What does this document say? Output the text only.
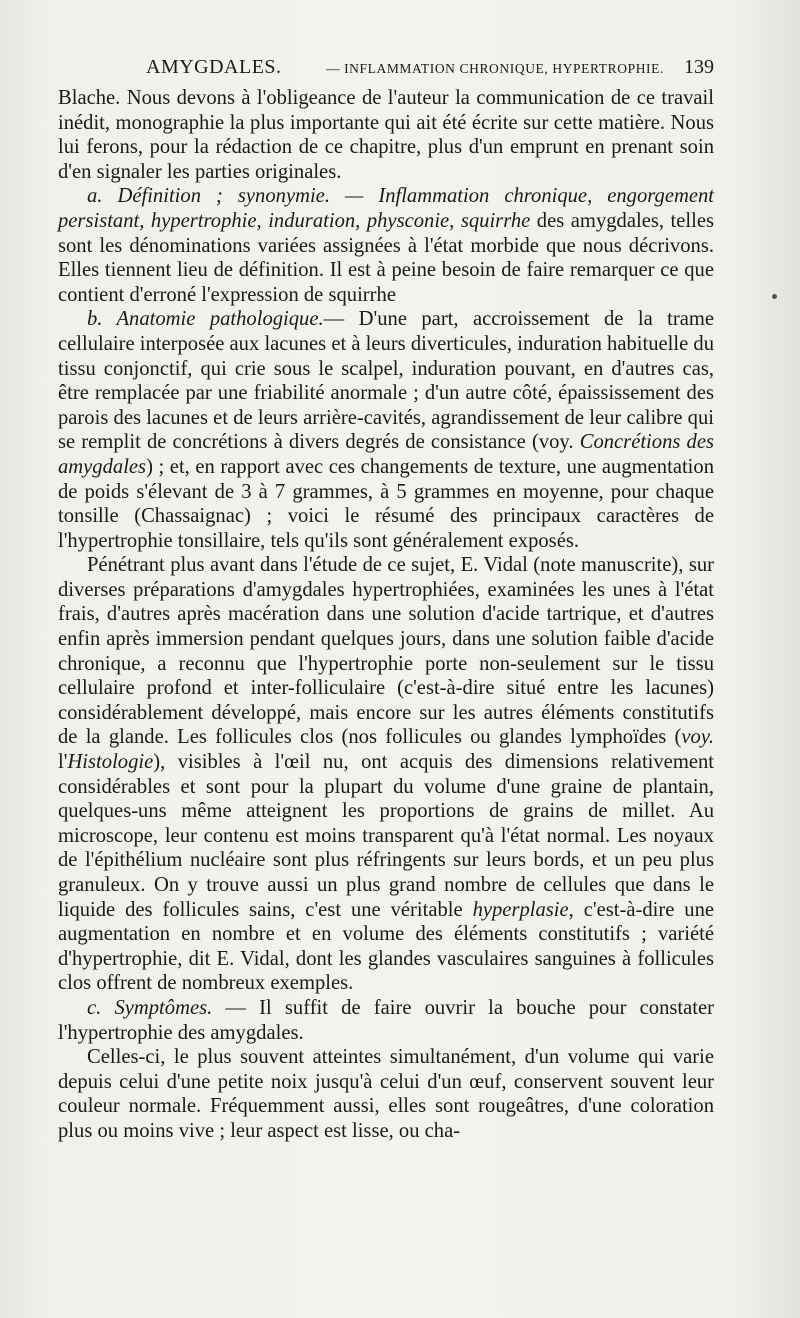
AMYGDALES.	— INFLAMMATION CHRONIQUE, HYPERTROPHIE. 139

Blache. Nous devons à l'obligeance de l'auteur la communication de ce travail inédit, monographie la plus importante qui ait été écrite sur cette matière. Nous lui ferons, pour la rédaction de ce chapitre, plus d'un emprunt en prenant soin d'en signaler les parties originales.

a. Définition ; synonymie. — Inflammation chronique, engorgement persistant, hypertrophie, induration, physconie, squirrhe des amygdales, telles sont les dénominations variées assignées à l'état morbide que nous décrivons. Elles tiennent lieu de définition. Il est à peine besoin de faire remarquer ce que contient d'erroné l'expression de squirrhe

b. Anatomie pathologique.— D'une part, accroissement de la trame cellulaire interposée aux lacunes et à leurs diverticules, induration habituelle du tissu conjonctif, qui crie sous le scalpel, induration pouvant, en d'autres cas, être remplacée par une friabilité anormale ; d'un autre côté, épaississement des parois des lacunes et de leurs arrière-cavités, agrandissement de leur calibre qui se remplit de concrétions à divers degrés de consistance (voy. Concrétions des amygdales) ; et, en rapport avec ces changements de texture, une augmentation de poids s'élevant de 3 à 7 grammes, à 5 grammes en moyenne, pour chaque tonsille (Chassaignac) ; voici le résumé des principaux caractères de l'hypertrophie tonsillaire, tels qu'ils sont généralement exposés.

Pénétrant plus avant dans l'étude de ce sujet, E. Vidal (note manuscrite), sur diverses préparations d'amygdales hypertrophiées, examinées les unes à l'état frais, d'autres après macération dans une solution d'acide tartrique, et d'autres enfin après immersion pendant quelques jours, dans une solution faible d'acide chronique, a reconnu que l'hypertrophie porte non-seulement sur le tissu cellulaire profond et inter-folliculaire (c'est-à-dire situé entre les lacunes) considérablement développé, mais encore sur les autres éléments constitutifs de la glande. Les follicules clos (nos follicules ou glandes lymphoïdes (voy. l'Histologie), visibles à l'œil nu, ont acquis des dimensions relativement considérables et sont pour la plupart du volume d'une graine de plantain, quelques-uns même atteignent les proportions de grains de millet. Au microscope, leur contenu est moins transparent qu'à l'état normal. Les noyaux de l'épithélium nucléaire sont plus réfringents sur leurs bords, et un peu plus granuleux. On y trouve aussi un plus grand nombre de cellules que dans le liquide des follicules sains, c'est une véritable hyperplasie, c'est-à-dire une augmentation en nombre et en volume des éléments constitutifs ; variété d'hypertrophie, dit E. Vidal, dont les glandes vasculaires sanguines à follicules clos offrent de nombreux exemples.

c. Symptômes. — Il suffit de faire ouvrir la bouche pour constater l'hypertrophie des amygdales.

Celles-ci, le plus souvent atteintes simultanément, d'un volume qui varie depuis celui d'une petite noix jusqu'à celui d'un œuf, conservent souvent leur couleur normale. Fréquemment aussi, elles sont rougeâtres, d'une coloration plus ou moins vive ; leur aspect est lisse, ou cha-
